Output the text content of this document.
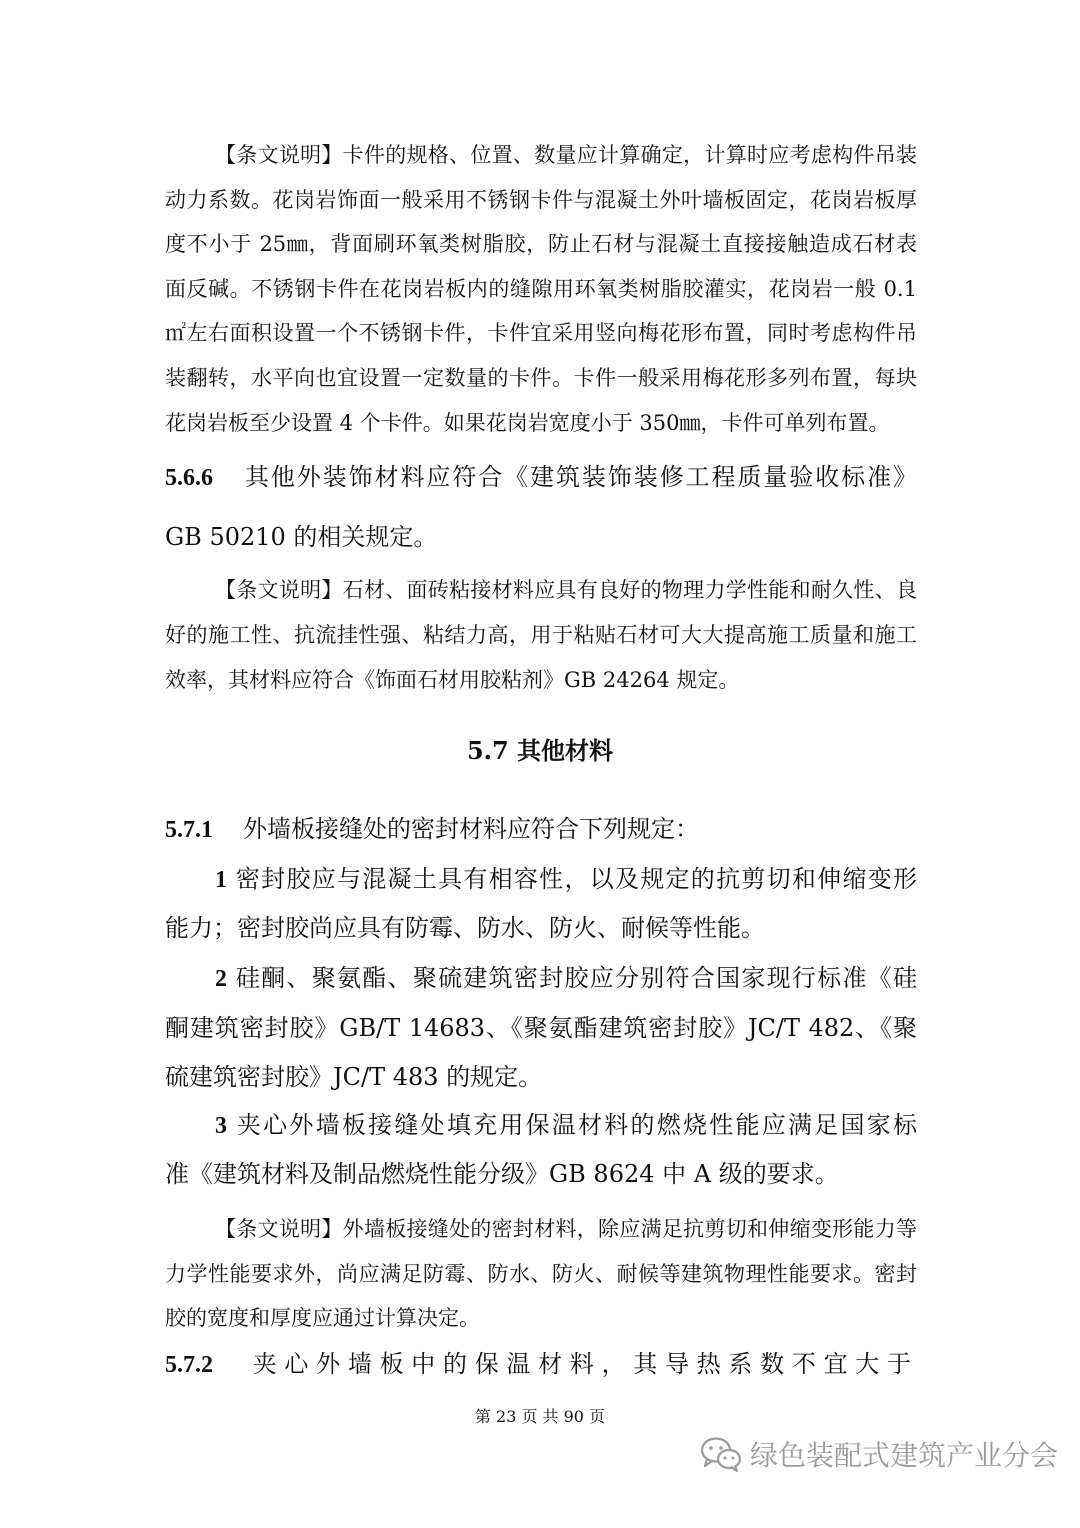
【条文说明】卡件的规格、位置、数量应计算确定，计算时应考虑构件吊装
动力系数。花岗岩饰面一般采用不锈钢卡件与混凝土外叶墙板固定，花岗岩板厚
度不小于 25㎜，背面刷环氧类树脂胶，防止石材与混凝土直接接触造成石材表
面反碱。不锈钢卡件在花岗岩板内的缝隙用环氧类树脂胶灌实，花岗岩一般 0.1
㎡左右面积设置一个不锈钢卡件，卡件宜采用竖向梅花形布置，同时考虑构件吊
装翻转，水平向也宜设置一定数量的卡件。卡件一般采用梅花形多列布置，每块
花岗岩板至少设置 4 个卡件。如果花岗岩宽度小于 350㎜，卡件可单列布置。
5.6.6 其他外装饰材料应符合《建筑装饰装修工程质量验收标准》
GB 50210 的相关规定。
【条文说明】石材、面砖粘接材料应具有良好的物理力学性能和耐久性、良
好的施工性、抗流挂性强、粘结力高，用于粘贴石材可大大提高施工质量和施工
效率，其材料应符合《饰面石材用胶粘剂》GB 24264 规定。
5.7 其他材料
5.7.1 外墙板接缝处的密封材料应符合下列规定：
1 密封胶应与混凝土具有相容性，以及规定的抗剪切和伸缩变形
能力；密封胶尚应具有防霉、防水、防火、耐候等性能。
2 硅酮、聚氨酯、聚硫建筑密封胶应分别符合国家现行标准《硅
酮建筑密封胶》GB/T 14683、《聚氨酯建筑密封胶》JC/T 482、《聚
硫建筑密封胶》JC/T 483 的规定。
3 夹心外墙板接缝处填充用保温材料的燃烧性能应满足国家标
准《建筑材料及制品燃烧性能分级》GB 8624 中 A 级的要求。
【条文说明】外墙板接缝处的密封材料，除应满足抗剪切和伸缩变形能力等
力学性能要求外，尚应满足防霉、防水、防火、耐候等建筑物理性能要求。密封
胶的宽度和厚度应通过计算决定。
5.7.2 夹心外墙板中的保温材料，其导热系数不宜大于
第 23 页 共 90 页
绿色装配式建筑产业分会
